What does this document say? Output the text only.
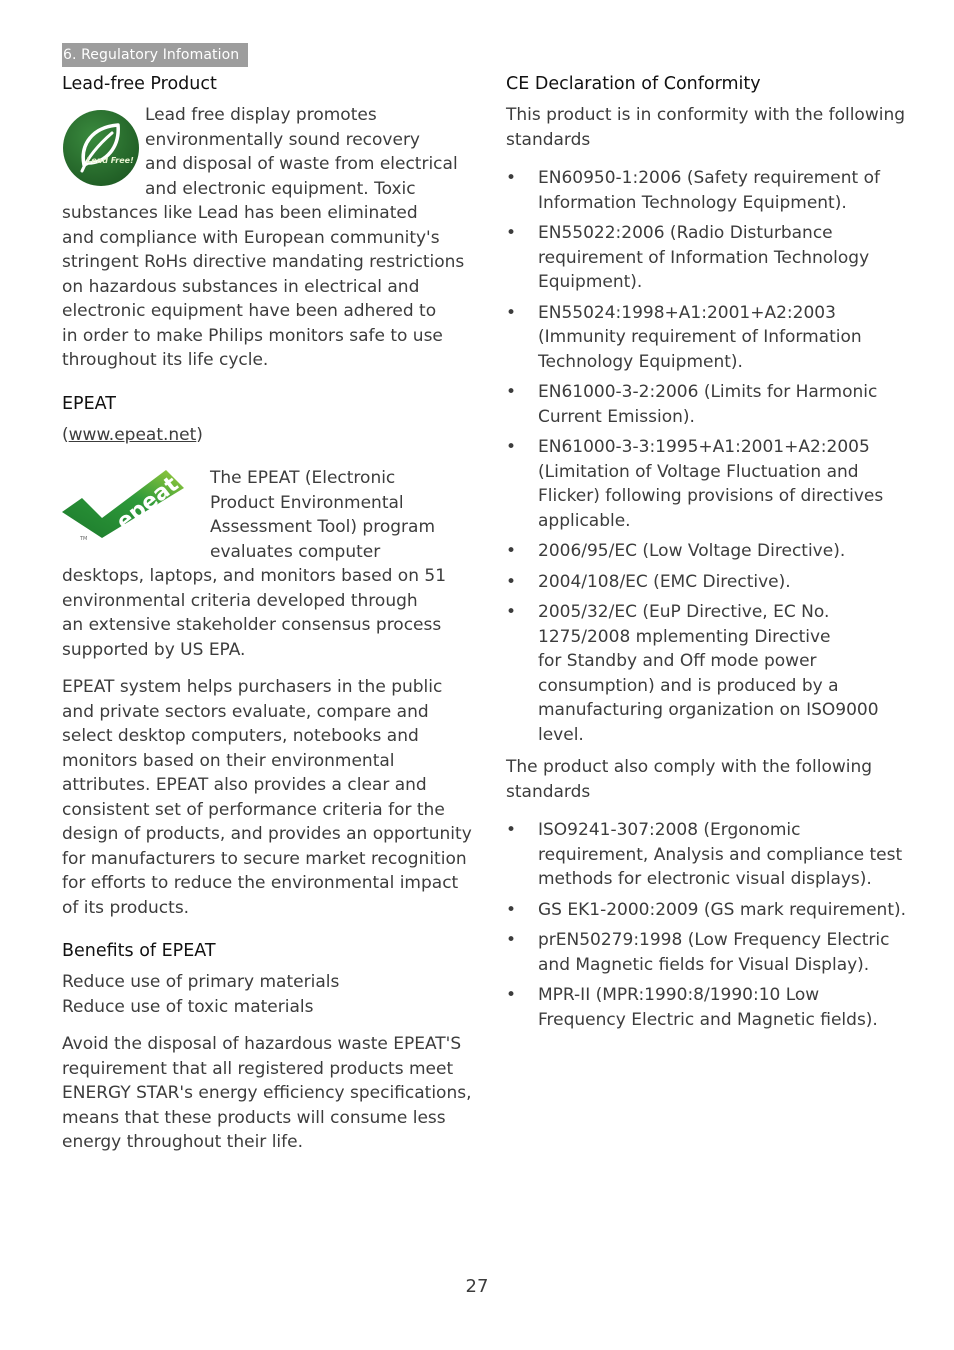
6. Regulatory Infomation
Lead-free Product
Lead Free!
Lead free display promotes
environmentally sound recovery
and disposal of waste from electrical
and electronic equipment. Toxic
substances like Lead has been eliminated
and compliance with European community's
stringent RoHs directive mandating restrictions
on hazardous substances in electrical and
electronic equipment have been adhered to
in order to make Philips monitors safe to use
throughout its life cycle.
EPEAT
(www.epeat.net)
epeat
TM
The EPEAT (Electronic
Product Environmental
Assessment Tool) program
evaluates computer
desktops, laptops, and monitors based on 51
environmental criteria developed through
an extensive stakeholder consensus process
supported by US EPA.
EPEAT system helps purchasers in the public
and private sectors evaluate, compare and
select desktop computers, notebooks and
monitors based on their environmental
attributes. EPEAT also provides a clear and
consistent set of performance criteria for the
design of products, and provides an opportunity
for manufacturers to secure market recognition
for efforts to reduce the environmental impact
of its products.
Benefits of EPEAT
Reduce use of primary materials
Reduce use of toxic materials
Avoid the disposal of hazardous waste EPEAT'S
requirement that all registered products meet
ENERGY STAR's energy efficiency specifications,
means that these products will consume less
energy throughout their life.
CE Declaration of Conformity
This product is in conformity with the following
standards
• EN60950-1:2006 (Safety requirement of
Information Technology Equipment).
• EN55022:2006 (Radio Disturbance
requirement of Information Technology
Equipment).
• EN55024:1998+A1:2001+A2:2003
(Immunity requirement of Information
Technology Equipment).
• EN61000-3-2:2006 (Limits for Harmonic
Current Emission).
• EN61000-3-3:1995+A1:2001+A2:2005
(Limitation of Voltage Fluctuation and
Flicker) following provisions of directives
applicable.
• 2006/95/EC (Low Voltage Directive).
• 2004/108/EC (EMC Directive).
• 2005/32/EC (EuP Directive, EC No.
1275/2008 mplementing Directive
for Standby and Off mode power
consumption) and is produced by a
manufacturing organization on ISO9000
level.
The product also comply with the following
standards
• ISO9241-307:2008 (Ergonomic
requirement, Analysis and compliance test
methods for electronic visual displays).
• GS EK1-2000:2009 (GS mark requirement).
• prEN50279:1998 (Low Frequency Electric
and Magnetic fields for Visual Display).
• MPR-II (MPR:1990:8/1990:10 Low
Frequency Electric and Magnetic fields).
27
